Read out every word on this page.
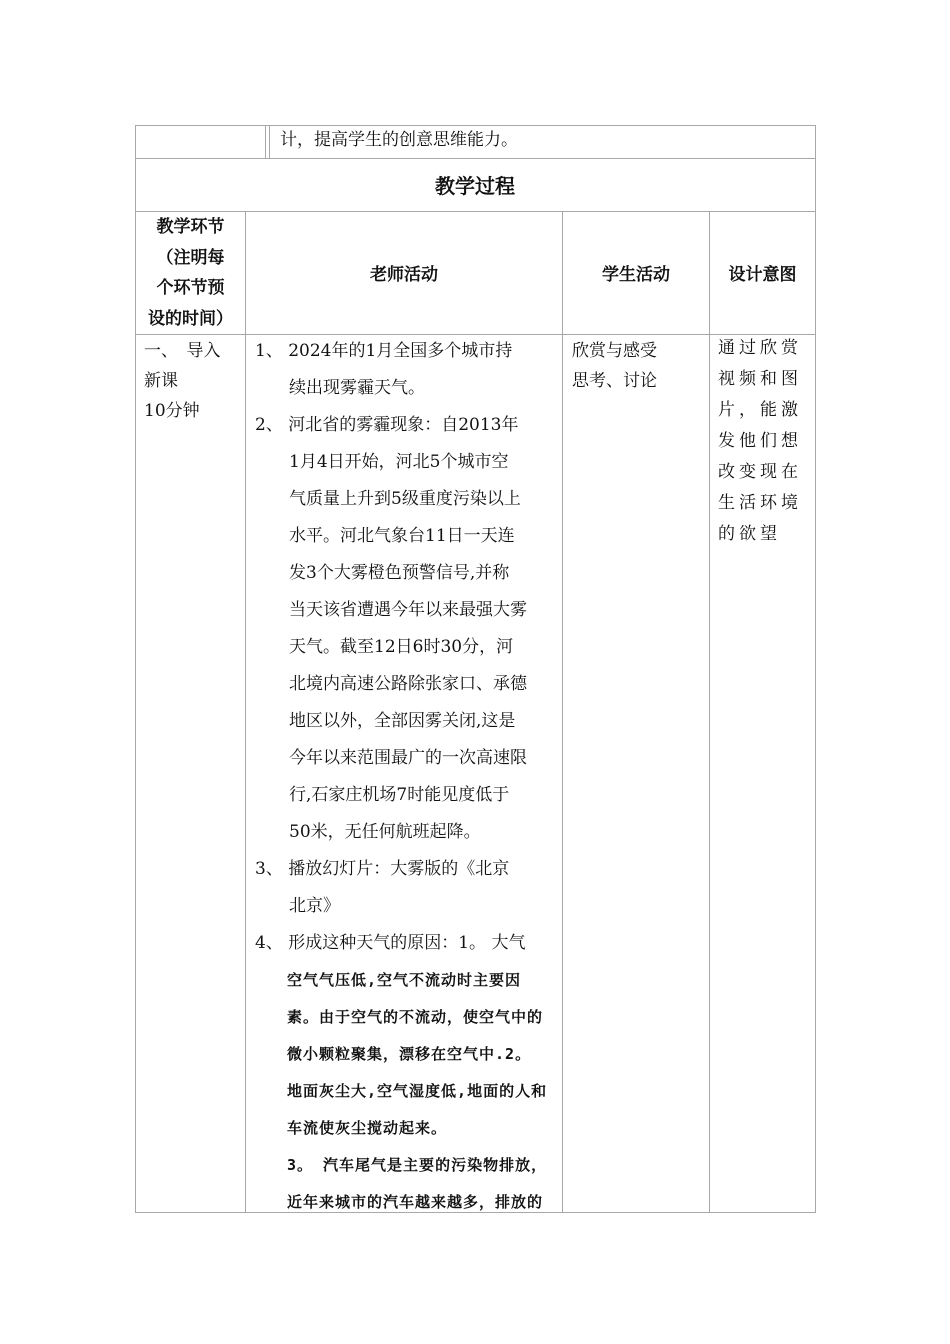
计，提高学生的创意思维能力。
教学过程
教学环节
（注明每
个环节预
设的时间）
老师活动	学生活动	设计意图
一、　导入
新课
10分钟
1、 2024年的1月全国多个城市持
　　续出现雾霾天气。
2、 河北省的雾霾现象：自2013年
　　1月4日开始，河北5个城市空
　　气质量上升到5级重度污染以上
　　水平。河北气象台11日一天连
　　发3个大雾橙色预警信号,并称
　　当天该省遭遇今年以来最强大雾
　　天气。截至12日6时30分，河
　　北境内高速公路除张家口、承德
　　地区以外，全部因雾关闭,这是
　　今年以来范围最广的一次高速限
　　行,石家庄机场7时能见度低于
　　50米，无任何航班起降。
3、 播放幻灯片：大雾版的《北京
　　北京》
4、 形成这种天气的原因：1。 大气
　　空气气压低,空气不流动时主要因
　　素。由于空气的不流动，使空气中的
　　微小颗粒聚集，漂移在空气中.2。
　　地面灰尘大,空气湿度低,地面的人和
　　车流使灰尘搅动起来。
　　3。 汽车尾气是主要的污染物排放，
　　近年来城市的汽车越来越多，排放的
欣赏与感受
思考、讨论
通过欣赏
视频和图
片，能激
发他们想
改变现在
生活环境
的欲望
